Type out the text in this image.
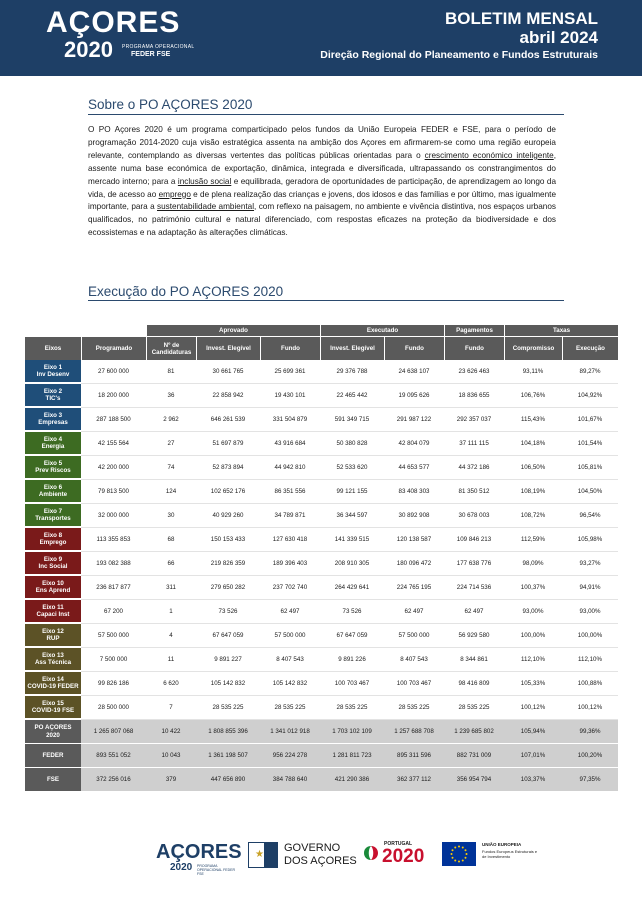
AÇORES
2020 PROGRAMA OPERACIONAL
FEDER FSE
BOLETIM MENSAL
abril 2024
Direção Regional do Planeamento e Fundos Estruturais
Sobre o PO AÇORES 2020
O PO Açores 2020 é um programa comparticipado pelos fundos da União Europeia FEDER e FSE, para o período de programação 2014-2020 cuja visão estratégica assenta na ambição dos Açores em afirmarem-se como uma região europeia relevante, contemplando as diversas vertentes das políticas públicas orientadas para o crescimento económico inteligente, assente numa base económica de exportação, dinâmica, integrada e diversificada, ultrapassando os constrangimentos do mercado interno; para a inclusão social e equilibrada, geradora de oportunidades de participação, de aprendizagem ao longo da vida, de acesso ao emprego e de plena realização das crianças e jovens, dos idosos e das famílias e por último, mas igualmente importante, para a sustentabilidade ambiental, com reflexo na paisagem, no ambiente e vivência distintiva, nos espaços urbanos qualificados, no património cultural e natural diferenciado, com respostas eficazes na proteção da biodiversidade e dos ecossistemas e na adaptação às alterações climáticas.
Execução do PO AÇORES 2020
		Aprovado			Executado		Pagamentos	Taxas	
Eixos	Programado	Nº de Candidaturas	Invest. Elegível	Fundo	Invest. Elegível	Fundo	Fundo	Compromisso	Execução

Eixo 1
Inv Desenv	27 600 000	81	30 661 765	25 699 361	29 376 788	24 638 107	23 626 463	93,11%	89,27%

Eixo 2
TIC's	18 200 000	36	22 858 942	19 430 101	22 465 442	19 095 626	18 836 655	106,76%	104,92%

Eixo 3
Empresas	287 188 500	2 962	646 261 539	331 504 879	591 349 715	291 987 122	292 357 037	115,43%	101,67%

Eixo 4
Energia	42 155 564	27	51 697 879	43 916 684	50 380 828	42 804 079	37 111 115	104,18%	101,54%

Eixo 5
Prev Riscos	42 200 000	74	52 873 894	44 942 810	52 533 620	44 653 577	44 372 186	106,50%	105,81%

Eixo 6
Ambiente	79 813 500	124	102 652 176	86 351 556	99 121 155	83 408 303	81 350 512	108,19%	104,50%

Eixo 7
Transportes	32 000 000	30	40 929 260	34 789 871	36 344 597	30 892 908	30 678 003	108,72%	96,54%

Eixo 8
Emprego	113 355 853	68	150 153 433	127 630 418	141 339 515	120 138 587	109 846 213	112,59%	105,98%

Eixo 9
Inc Social	193 082 388	66	219 826 359	189 396 403	208 910 305	180 096 472	177 638 776	98,09%	93,27%

Eixo 10
Ens Aprend	236 817 877	311	279 650 282	237 702 740	264 429 641	224 765 195	224 714 536	100,37%	94,91%

Eixo 11
Capaci Inst	67 200	1	73 526	62 497	73 526	62 497	62 497	93,00%	93,00%

Eixo 12
RUP	57 500 000	4	67 647 059	57 500 000	67 647 059	57 500 000	56 929 580	100,00%	100,00%

Eixo 13
Ass Técnica	7 500 000	11	9 891 227	8 407 543	9 891 226	8 407 543	8 344 861	112,10%	112,10%

Eixo 14
COVID-19 FEDER	99 826 186	6 620	105 142 832	105 142 832	100 703 467	100 703 467	98 416 809	105,33%	100,88%

Eixo 15
COVID-19 FSE	28 500 000	7	28 535 225	28 535 225	28 535 225	28 535 225	28 535 225	100,12%	100,12%

PO AÇORES
2020	1 265 807 068	10 422	1 808 855 396	1 341 012 918	1 703 102 109	1 257 688 708	1 239 685 802	105,94%	99,36%

FEDER	893 551 052	10 043	1 361 198 507	956 224 278	1 281 811 723	895 311 596	882 731 009	107,01%	100,20%

FSE	372 256 016	379	447 656 890	384 788 640	421 290 386	362 377 112	356 954 794	103,37%	97,35%
AÇORES
2020 PROGRAMA OPERACIONAL FEDER FSE
★
GOVERNO
DOS AÇORES
PORTUGAL
2020
UNIÃO EUROPEIA
Fundos Europeus Estruturais e de Investimento
